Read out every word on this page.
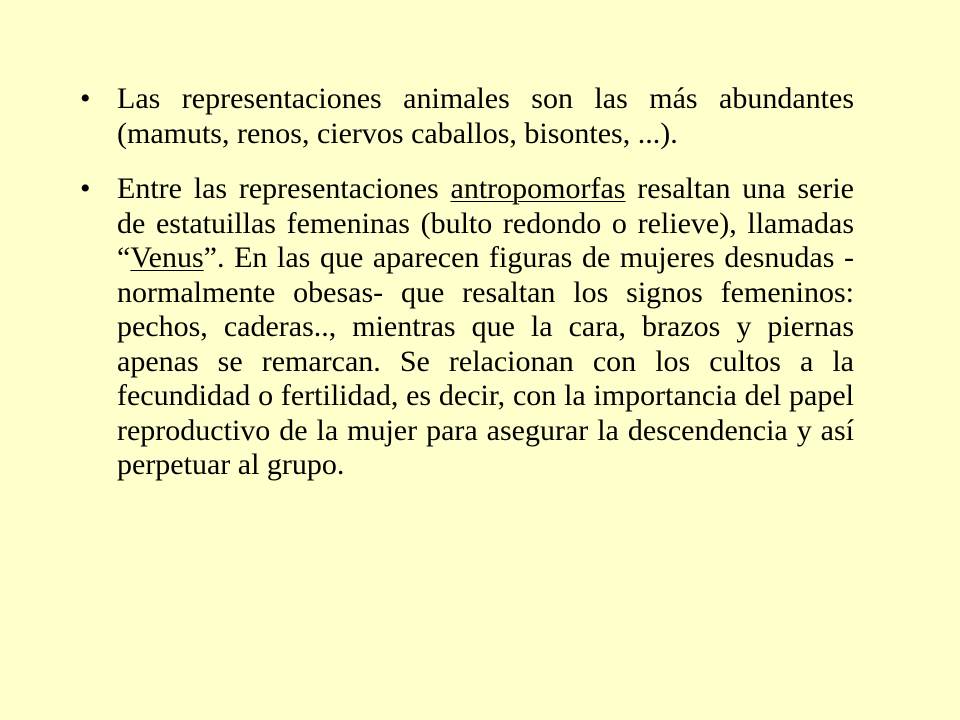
• Las representaciones animales son las más abundantes (mamuts, renos, ciervos caballos, bisontes, ...).
• Entre las representaciones antropomorfas resaltan una serie de estatuillas femeninas (bulto redondo o relieve), llamadas “Venus”. En las que aparecen figuras de mujeres desnudas - normalmente obesas- que resaltan los signos femeninos: pechos, caderas.., mientras que la cara, brazos y piernas apenas se remarcan. Se relacionan con los cultos a la fecundidad o fertilidad, es decir, con la importancia del papel reproductivo de la mujer para asegurar la descendencia y así perpetuar al grupo.
